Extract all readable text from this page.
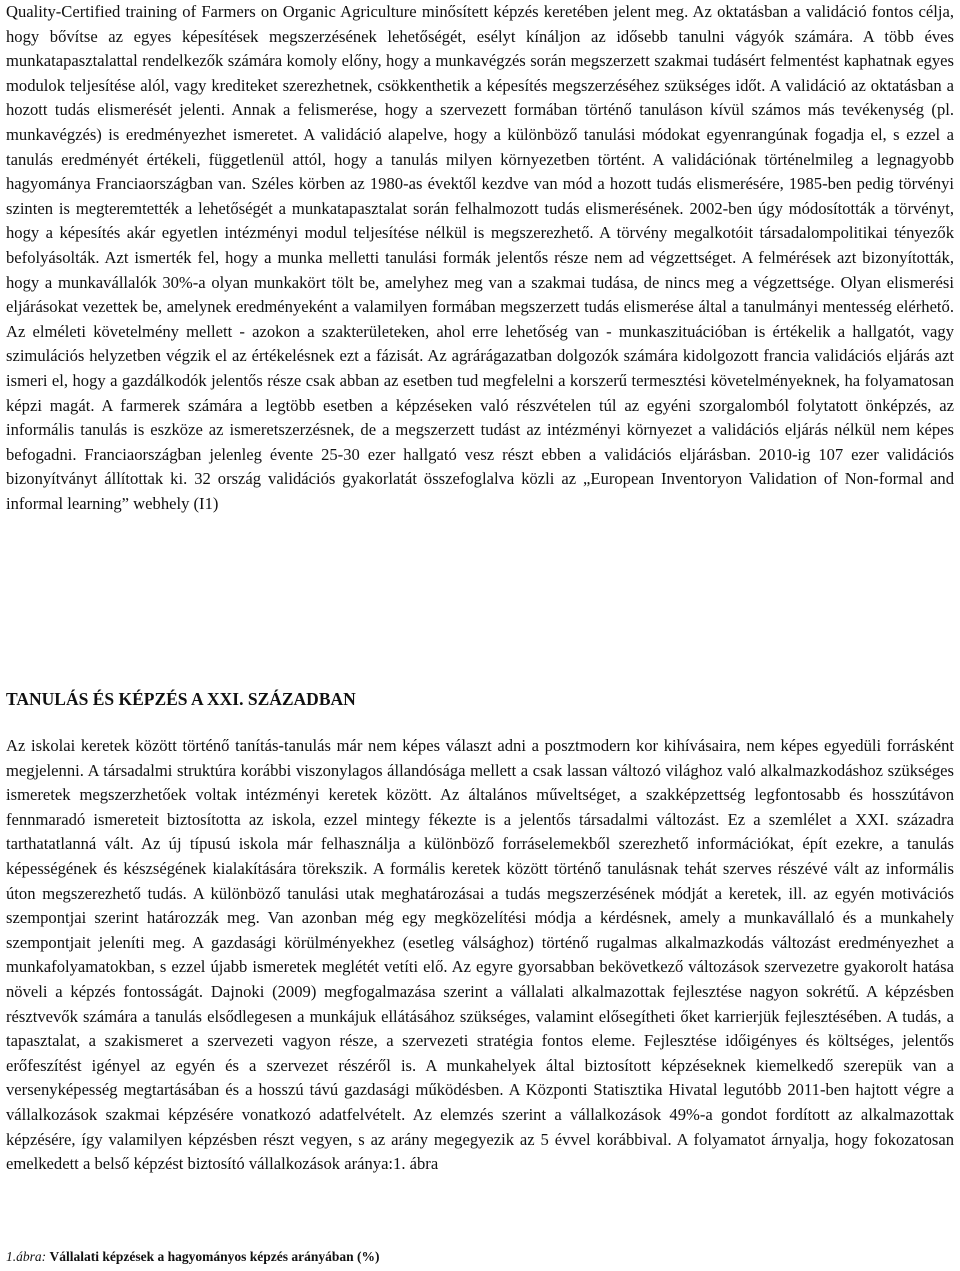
Quality-Certified training of Farmers on Organic Agriculture minősített képzés keretében jelent meg. Az oktatásban a validáció fontos célja, hogy bővítse az egyes képesítések megszerzésének lehetőségét, esélyt kínáljon az idősebb tanulni vágyók számára. A több éves munkatapasztalattal rendelkezők számára komoly előny, hogy a munkavégzés során megszerzett szakmai tudásért felmentést kaphatnak egyes modulok teljesítése alól, vagy krediteket szerezhetnek, csökkenthetik a képesítés megszerzéséhez szükséges időt. A validáció az oktatásban a hozott tudás elismerését jelenti. Annak a felismerése, hogy a szervezett formában történő tanuláson kívül számos más tevékenység (pl. munkavégzés) is eredményezhet ismeretet. A validáció alapelve, hogy a különböző tanulási módokat egyenrangúnak fogadja el, s ezzel a tanulás eredményét értékeli, függetlenül attól, hogy a tanulás milyen környezetben történt. A validációnak történelmileg a legnagyobb hagyománya Franciaországban van. Széles körben az 1980-as évektől kezdve van mód a hozott tudás elismerésére, 1985-ben pedig törvényi szinten is megteremtették a lehetőségét a munkatapasztalat során felhalmozott tudás elismerésének. 2002-ben úgy módosították a törvényt, hogy a képesítés akár egyetlen intézményi modul teljesítése nélkül is megszerezhető. A törvény megalkotóit társadalompolitikai tényezők befolyásolták. Azt ismerték fel, hogy a munka melletti tanulási formák jelentős része nem ad végzettséget. A felmérések azt bizonyították, hogy a munkavállalók 30%-a olyan munkakört tölt be, amelyhez meg van a szakmai tudása, de nincs meg a végzettsége. Olyan elismerési eljárásokat vezettek be, amelynek eredményeként a valamilyen formában megszerzett tudás elismerése által a tanulmányi mentesség elérhető. Az elméleti követelmény mellett - azokon a szakterületeken, ahol erre lehetőség van - munkaszituációban is értékelik a hallgatót, vagy szimulációs helyzetben végzik el az értékelésnek ezt a fázisát. Az agrárágazatban dolgozók számára kidolgozott francia validációs eljárás azt ismeri el, hogy a gazdálkodók jelentős része csak abban az esetben tud megfelelni a korszerű termesztési követelményeknek, ha folyamatosan képzi magát. A farmerek számára a legtöbb esetben a képzéseken való részvételen túl az egyéni szorgalomból folytatott önképzés, az informális tanulás is eszköze az ismeretszerzésnek, de a megszerzett tudást az intézményi környezet a validációs eljárás nélkül nem képes befogadni. Franciaországban jelenleg évente 25-30 ezer hallgató vesz részt ebben a validációs eljárásban. 2010-ig 107 ezer validációs bizonyítványt állítottak ki. 32 ország validációs gyakorlatát összefoglalva közli az „European Inventoryon Validation of Non-formal and informal learning” webhely (I1)

TANULÁS ÉS KÉPZÉS A XXI. SZÁZADBAN

Az iskolai keretek között történő tanítás-tanulás már nem képes választ adni a posztmodern kor kihívásaira, nem képes egyedüli forrásként megjelenni. A társadalmi struktúra korábbi viszonylagos állandósága mellett a csak lassan változó világhoz való alkalmazkodáshoz szükséges ismeretek megszerzhetőek voltak intézményi keretek között. Az általános műveltséget, a szakképzettség legfontosabb és hosszútávon fennmaradó ismereteit biztosította az iskola, ezzel mintegy fékezte is a jelentős társadalmi változást. Ez a szemlélet a XXI. századra tarthatatlanná vált. Az új típusú iskola már felhasználja a különböző forráselemekből szerezhető információkat, épít ezekre, a tanulás képességének és készségének kialakítására törekszik. A formális keretek között történő tanulásnak tehát szerves részévé vált az informális úton megszerezhető tudás. A különböző tanulási utak meghatározásai a tudás megszerzésének módját a keretek, ill. az egyén motivációs szempontjai szerint határozzák meg. Van azonban még egy megközelítési módja a kérdésnek, amely a munkavállaló és a munkahely szempontjait jeleníti meg. A gazdasági körülményekhez (esetleg válsághoz) történő rugalmas alkalmazkodás változást eredményezhet a munkafolyamatokban, s ezzel újabb ismeretek meglétét vetíti elő. Az egyre gyorsabban bekövetkező változások szervezetre gyakorolt hatása növeli a képzés fontosságát. Dajnoki (2009) megfogalmazása szerint a vállalati alkalmazottak fejlesztése nagyon sokrétű. A képzésben résztvevők számára a tanulás elsődlegesen a munkájuk ellátásához szükséges, valamint elősegítheti őket karrierjük fejlesztésében. A tudás, a tapasztalat, a szakismeret a szervezeti vagyon része, a szervezeti stratégia fontos eleme. Fejlesztése időigényes és költséges, jelentős erőfeszítést igényel az egyén és a szervezet részéről is. A munkahelyek által biztosított képzéseknek kiemelkedő szerepük van a versenyképesség megtartásában és a hosszú távú gazdasági működésben. A Központi Statisztika Hivatal legutóbb 2011-ben hajtott végre a vállalkozások szakmai képzésére vonatkozó adatfelvételt. Az elemzés szerint a vállalkozások 49%-a gondot fordított az alkalmazottak képzésére, így valamilyen képzésben részt vegyen, s az arány megegyezik az 5 évvel korábbival. A folyamatot árnyalja, hogy fokozatosan emelkedett a belső képzést biztosító vállalkozások aránya:1. ábra

1.ábra: Vállalati képzések a hagyományos képzés arányában (%)
